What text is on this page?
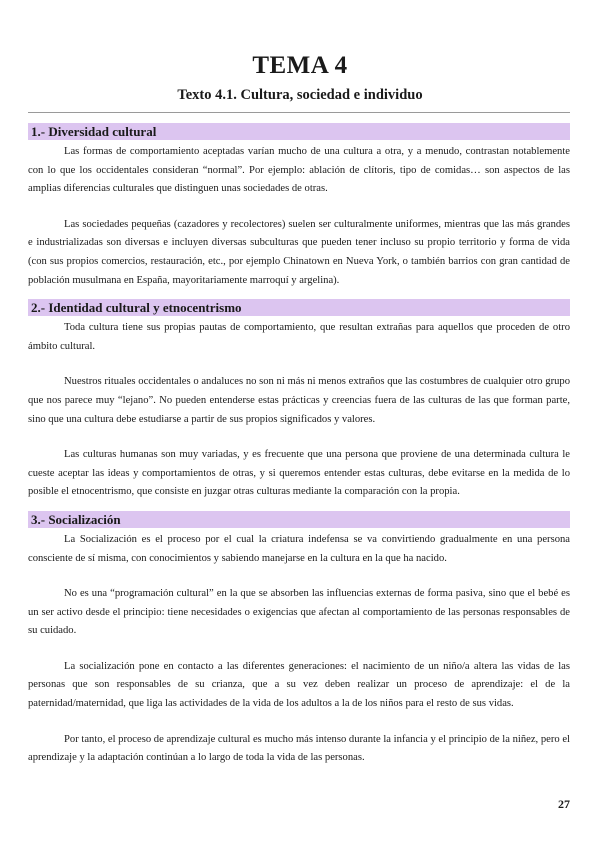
TEMA 4
Texto 4.1. Cultura, sociedad e individuo
1.- Diversidad cultural

Las formas de comportamiento aceptadas varían mucho de una cultura a otra, y a menudo, contrastan notablemente con lo que los occidentales consideran “normal”. Por ejemplo: ablación de clítoris, tipo de comidas… son aspectos de las amplias diferencias culturales que distinguen unas sociedades de otras.

Las sociedades pequeñas (cazadores y recolectores) suelen ser culturalmente uniformes, mientras que las más grandes e industrializadas son diversas e incluyen diversas subculturas que pueden tener incluso su propio territorio y forma de vida (con sus propios comercios, restauración, etc., por ejemplo Chinatown en Nueva York, o también barrios con gran cantidad de población musulmana en España, mayoritariamente marroquí y argelina).

2.- Identidad cultural y etnocentrismo

Toda cultura tiene sus propias pautas de comportamiento, que resultan extrañas para aquellos que proceden de otro ámbito cultural.

Nuestros rituales occidentales o andaluces no son ni más ni menos extraños que las costumbres de cualquier otro grupo que nos parece muy “lejano”. No pueden entenderse estas prácticas y creencias fuera de las culturas de las que forman parte, sino que una cultura debe estudiarse a partir de sus propios significados y valores.

Las culturas humanas son muy variadas, y es frecuente que una persona que proviene de una determinada cultura le cueste aceptar las ideas y comportamientos de otras, y si queremos entender estas culturas, debe evitarse en la medida de lo posible el etnocentrismo, que consiste en juzgar otras culturas mediante la comparación con la propia.

3.- Socialización

La Socialización es el proceso por el cual la criatura indefensa se va convirtiendo gradualmente en una persona consciente de sí misma, con conocimientos y sabiendo manejarse en la cultura en la que ha nacido.

No es una “programación cultural” en la que se absorben las influencias externas de forma pasiva, sino que el bebé es un ser activo desde el principio: tiene necesidades o exigencias que afectan al comportamiento de las personas responsables de su cuidado.

La socialización pone en contacto a las diferentes generaciones: el nacimiento de un niño/a altera las vidas de las personas que son responsables de su crianza, que a su vez deben realizar un proceso de aprendizaje: el de la paternidad/maternidad, que liga las actividades de la vida de los adultos a la de los niños para el resto de sus vidas.

Por tanto, el proceso de aprendizaje cultural es mucho más intenso durante la infancia y el principio de la niñez, pero el aprendizaje y la adaptación continúan a lo largo de toda la vida de las personas.

27
